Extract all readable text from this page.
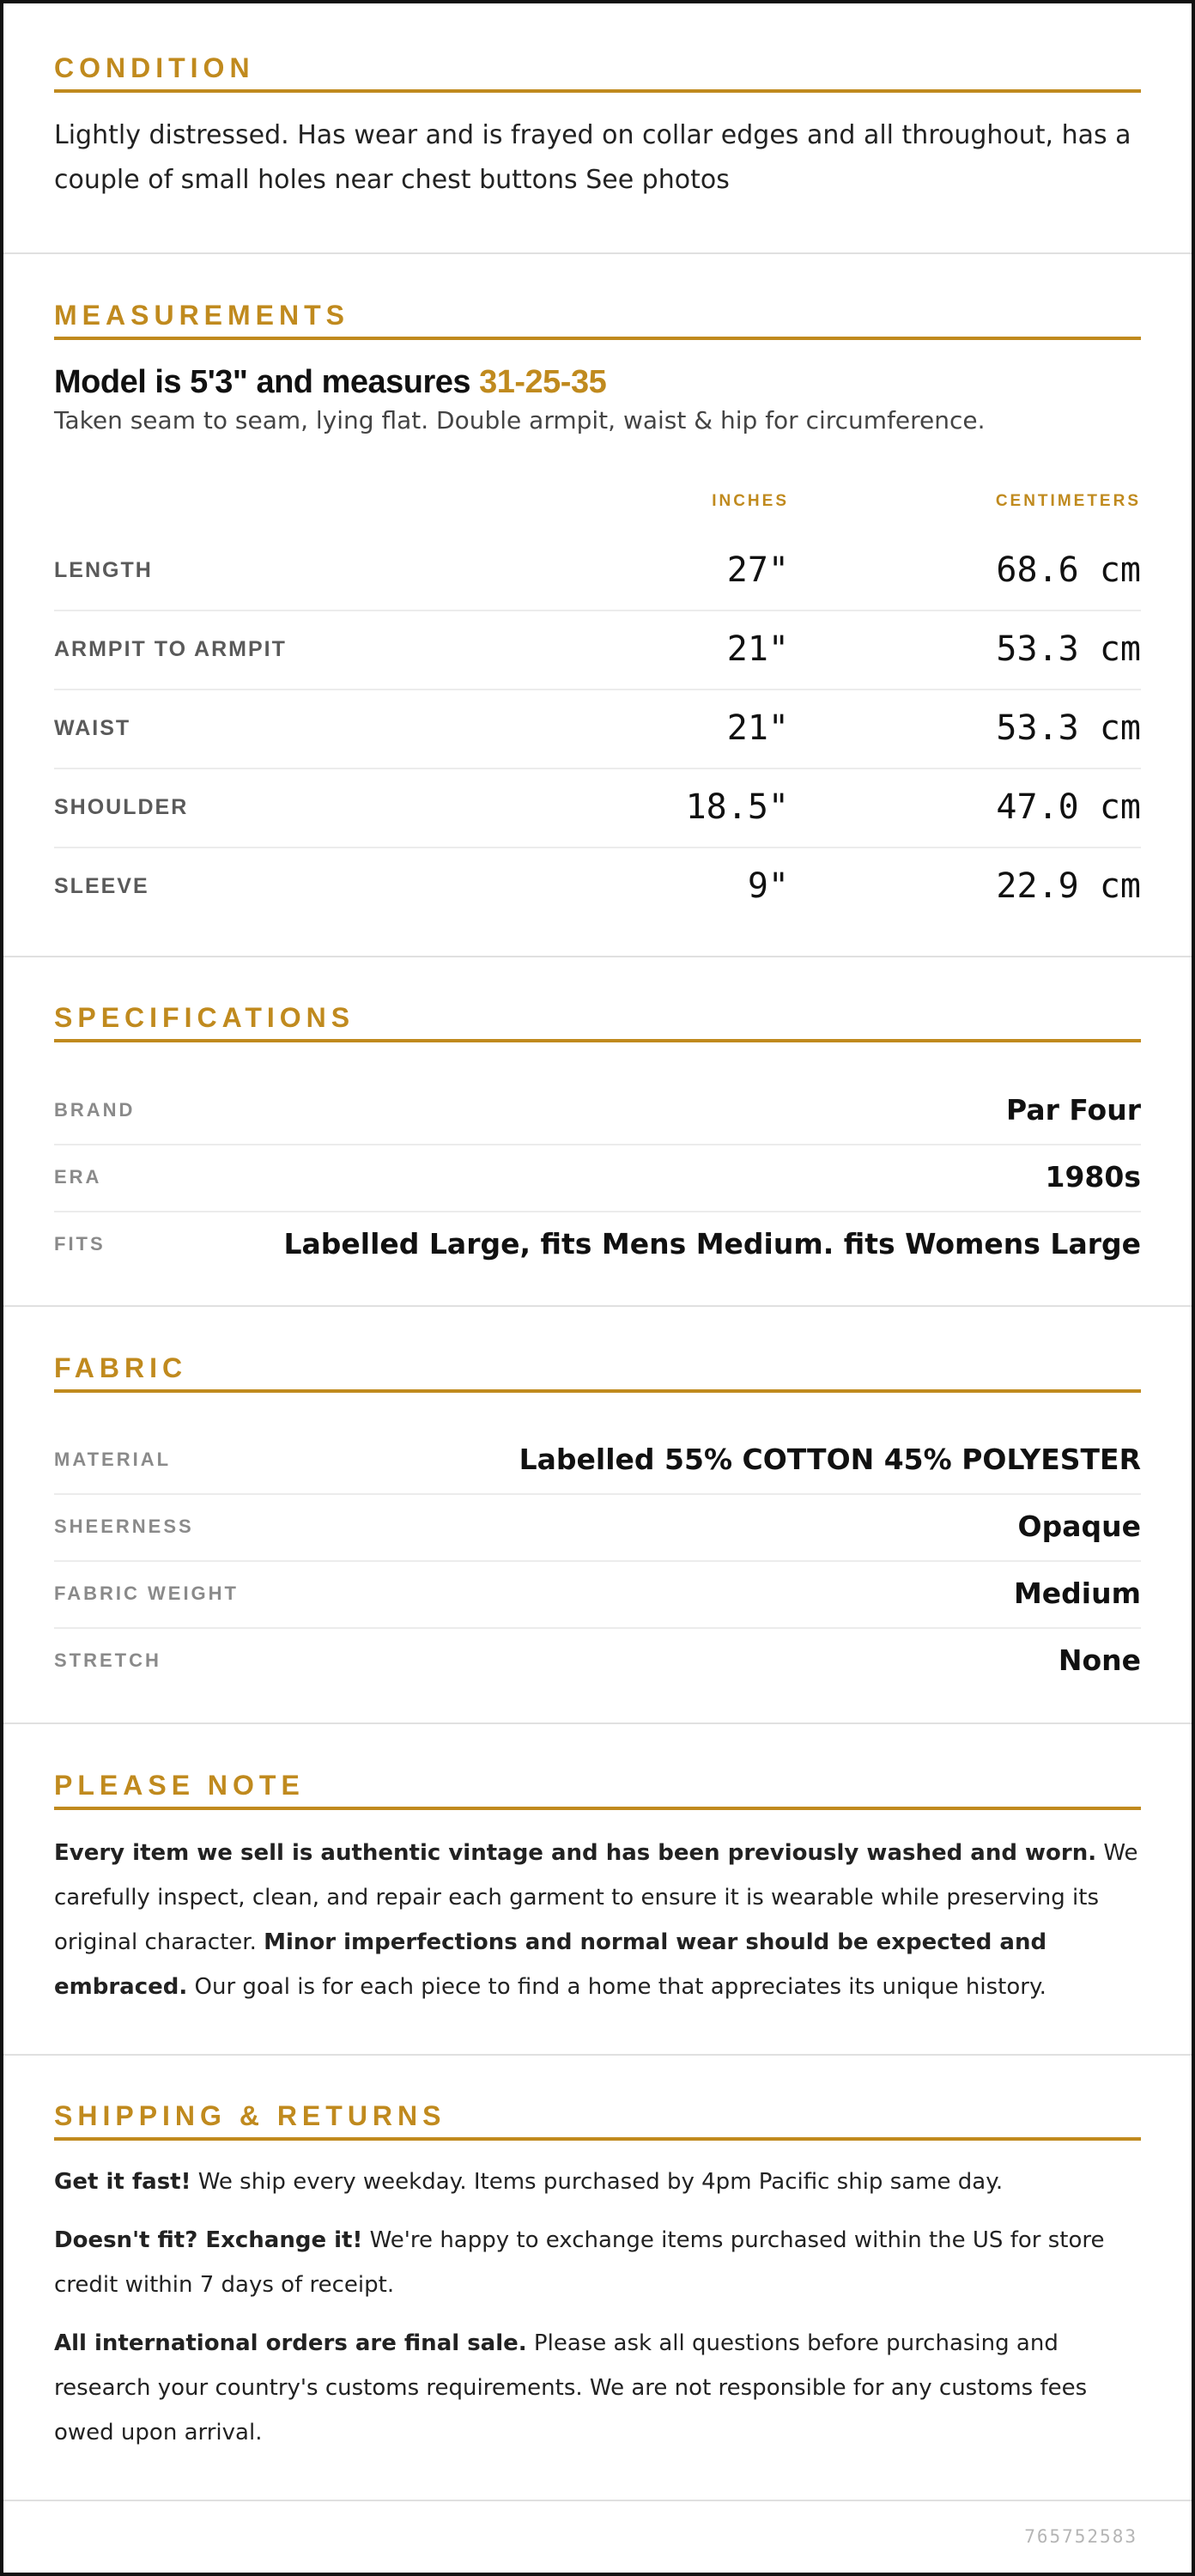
CONDITION
Lightly distressed. Has wear and is frayed on collar edges and all throughout, has a couple of small holes near chest buttons See photos
MEASUREMENTS
Model is 5'3" and measures 31-25-35
Taken seam to seam, lying flat. Double armpit, waist & hip for circumference.
INCHES	CENTIMETERS
LENGTH	27"	68.6 cm
ARMPIT TO ARMPIT	21"	53.3 cm
WAIST	21"	53.3 cm
SHOULDER	18.5"	47.0 cm
SLEEVE	9"	22.9 cm
SPECIFICATIONS
BRAND	Par Four
ERA	1980s
FITS	Labelled Large, fits Mens Medium. fits Womens Large
FABRIC
MATERIAL	Labelled 55% COTTON 45% POLYESTER
SHEERNESS	Opaque
FABRIC WEIGHT	Medium
STRETCH	None
PLEASE NOTE

Every item we sell is authentic vintage and has been previously washed and worn. We carefully inspect, clean, and repair each garment to ensure it is wearable while preserving its original character. Minor imperfections and normal wear should be expected and embraced. Our goal is for each piece to find a home that appreciates its unique history.

SHIPPING & RETURNS

Get it fast! We ship every weekday. Items purchased by 4pm Pacific ship same day.

Doesn't fit? Exchange it! We're happy to exchange items purchased within the US for store credit within 7 days of receipt.

All international orders are final sale. Please ask all questions before purchasing and research your country's customs requirements. We are not responsible for any customs fees owed upon arrival.

765752583
